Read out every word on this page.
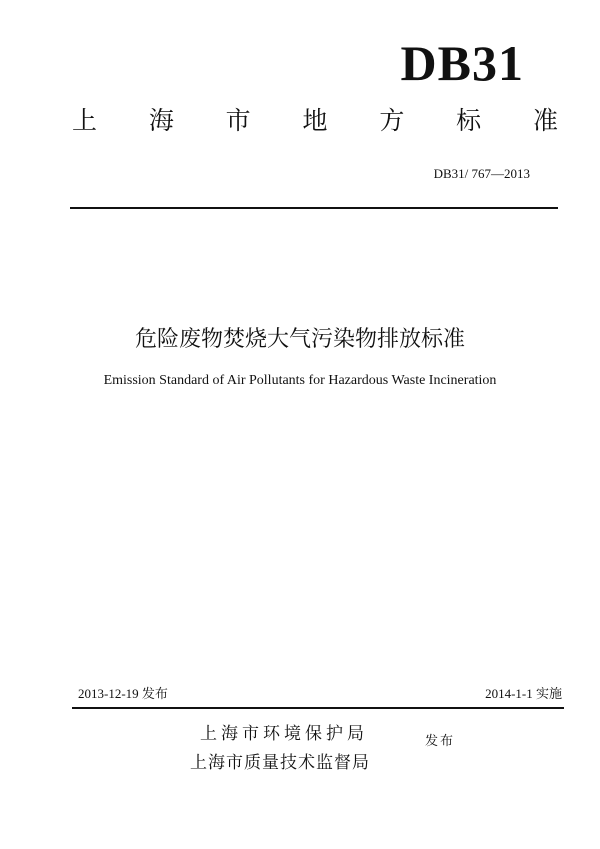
DB31
上 海 市 地 方 标 准
DB31/ 767—2013
危险废物焚烧大气污染物排放标准
Emission Standard of Air Pollutants for Hazardous Waste Incineration
2013-12-19 发布	2014-1-1 实施
上海市环境保护局
上海市质量技术监督局
发布
